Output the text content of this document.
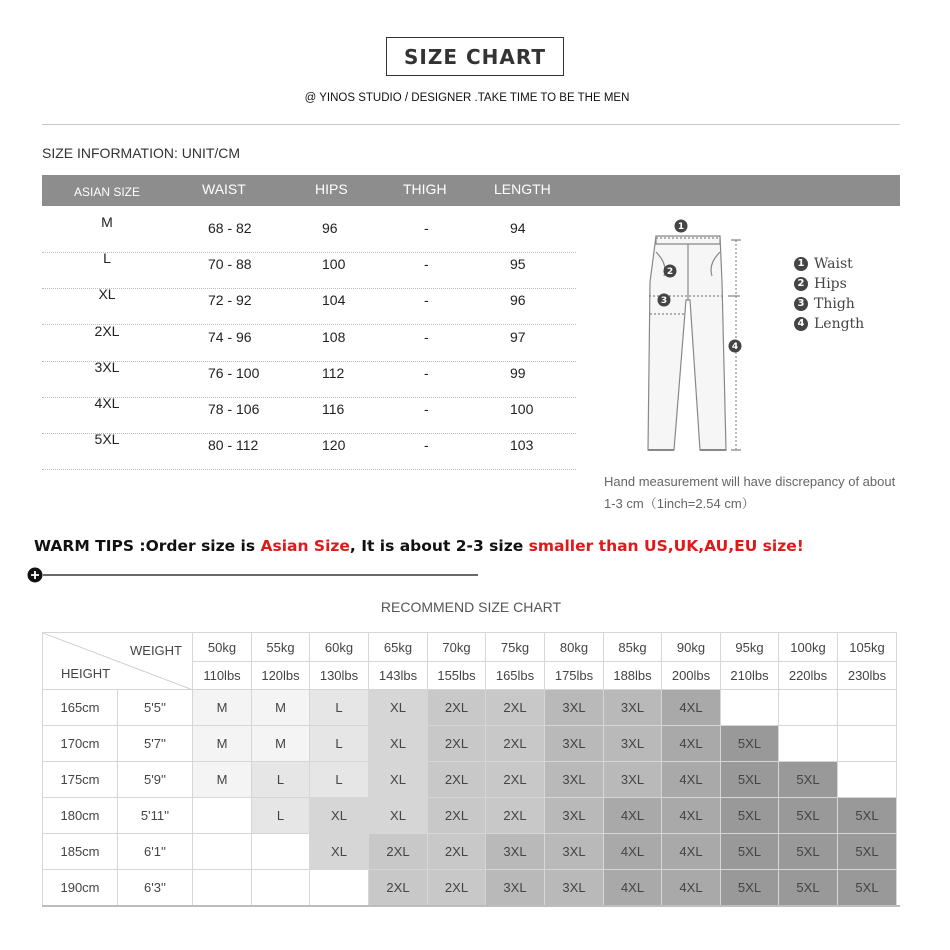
SIZE CHART
@ YINOS STUDIO / DESIGNER .TAKE TIME TO BE THE MEN
SIZE INFORMATION: UNIT/CM
ASIAN SIZE	WAIST	HIPS	THIGH	LENGTH
M	68 - 82	96	-	94
L	70 - 88	100	-	95
XL	72 - 92	104	-	96
2XL	74 - 96	108	-	97
3XL	76 - 100	112	-	99
4XL	78 - 106	116	-	100
5XL	80 - 112	120	-	103
1
2
3
4
1 Waist
2 Hips
3 Thigh
4 Length
Hand measurement will have discrepancy of about 1-3 cm（1inch=2.54 cm）
WARM TIPS :Order size is Asian Size, It is about 2-3 size smaller than US,UK,AU,EU size!
RECOMMEND SIZE CHART
WEIGHT
HEIGHT		50kg	55kg	60kg	65kg	70kg	75kg	80kg	85kg	90kg	95kg	100kg	105kg
		110lbs	120lbs	130lbs	143lbs	155lbs	165lbs	175lbs	188lbs	200lbs	210lbs	220lbs	230lbs
165cm	5'5''	M	M	L	XL	2XL	2XL	3XL	3XL	4XL			
170cm	5'7''	M	M	L	XL	2XL	2XL	3XL	3XL	4XL	5XL		
175cm	5'9''	M	L	L	XL	2XL	2XL	3XL	3XL	4XL	5XL	5XL	
180cm	5'11''		L	XL	XL	2XL	2XL	3XL	4XL	4XL	5XL	5XL	5XL
185cm	6'1''			XL	2XL	2XL	3XL	3XL	4XL	4XL	5XL	5XL	5XL
190cm	6'3''				2XL	2XL	3XL	3XL	4XL	4XL	5XL	5XL	5XL
